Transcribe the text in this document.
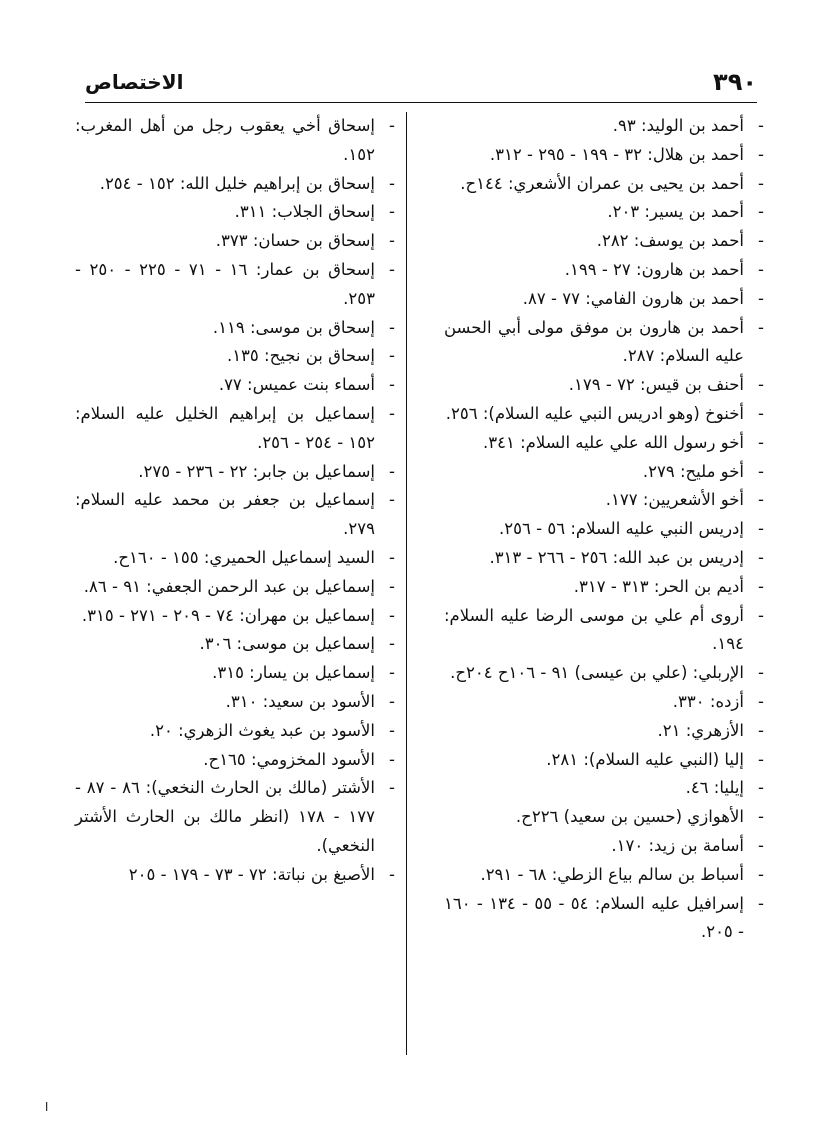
٣٩٠
الاختصاص

-
أحمد بن الوليد: ٩٣.

-
أحمد بن هلال: ٣٢ - ١٩٩ - ٢٩٥ - ٣١٢.

-
أحمد بن يحيى بن عمران الأشعري: ١٤٤ح.

-
أحمد بن يسير: ٢٠٣.

-
أحمد بن يوسف: ٢٨٢.

-
أحمد بن هارون: ٢٧ - ١٩٩.

-
أحمد بن هارون الفامي: ٧٧ - ٨٧.

-
أحمد بن هارون بن موفق مولى أبي الحسن عليه السلام: ٢٨٧.

-
أحنف بن قيس: ٧٢ - ١٧٩.

-
أخنوخ (وهو ادريس النبي عليه السلام): ٢٥٦.

-
أخو رسول الله علي عليه السلام: ٣٤١.

-
أخو مليح: ٢٧٩.

-
أخو الأشعريين: ١٧٧.

-
إدريس النبي عليه السلام: ٥٦ - ٢٥٦.

-
إدريس بن عبد الله: ٢٥٦ - ٢٦٦ - ٣١٣.

-
أديم بن الحر: ٣١٣ - ٣١٧.

-
أروى أم علي بن موسى الرضا عليه السلام: ١٩٤.

-
الإربلي: (علي بن عيسى) ٩١ - ١٠٦ح ٢٠٤ح.

-
أزده: ٣٣٠.

-
الأزهري: ٢١.

-
إليا (النبي عليه السلام): ٢٨١.

-
إيليا: ٤٦.

-
الأهوازي (حسين بن سعيد) ٢٢٦ح.

-
أسامة بن زيد: ١٧٠.

-
أسباط بن سالم بياع الزطي: ٦٨ - ٢٩١.

-
إسرافيل عليه السلام: ٥٤ - ٥٥ - ١٣٤ - ١٦٠ - ٢٠٥.

-
إسحاق أخي يعقوب رجل من أهل المغرب: ١٥٢.

-
إسحاق بن إبراهيم خليل الله: ١٥٢ - ٢٥٤.

-
إسحاق الجلاب: ٣١١.

-
إسحاق بن حسان: ٣٧٣.

-
إسحاق بن عمار: ١٦ - ٧١ - ٢٢٥ - ٢٥٠ - ٢٥٣.

-
إسحاق بن موسى: ١١٩.

-
إسحاق بن نجيح: ١٣٥.

-
أسماء بنت عميس: ٧٧.

-
إسماعيل بن إبراهيم الخليل عليه السلام: ١٥٢ - ٢٥٤ - ٢٥٦.

-
إسماعيل بن جابر: ٢٢ - ٢٣٦ - ٢٧٥.

-
إسماعيل بن جعفر بن محمد عليه السلام: ٢٧٩.

-
السيد إسماعيل الحميري: ١٥٥ - ١٦٠ح.

-
إسماعيل بن عبد الرحمن الجعفي: ٩١ - ٨٦.

-
إسماعيل بن مهران: ٧٤ - ٢٠٩ - ٢٧١ - ٣١٥.

-
إسماعيل بن موسى: ٣٠٦.

-
إسماعيل بن يسار: ٣١٥.

-
الأسود بن سعيد: ٣١٠.

-
الأسود بن عبد يغوث الزهري: ٢٠.

-
الأسود المخزومي: ١٦٥ح.

-
الأشتر (مالك بن الحارث النخعي): ٨٦ - ٨٧ - ١٧٧ - ١٧٨ (انظر مالك بن الحارث الأشتر النخعي).

-
الأصبغ بن نباتة: ٧٢ - ٧٣ - ١٧٩ - ٢٠٥

ا
